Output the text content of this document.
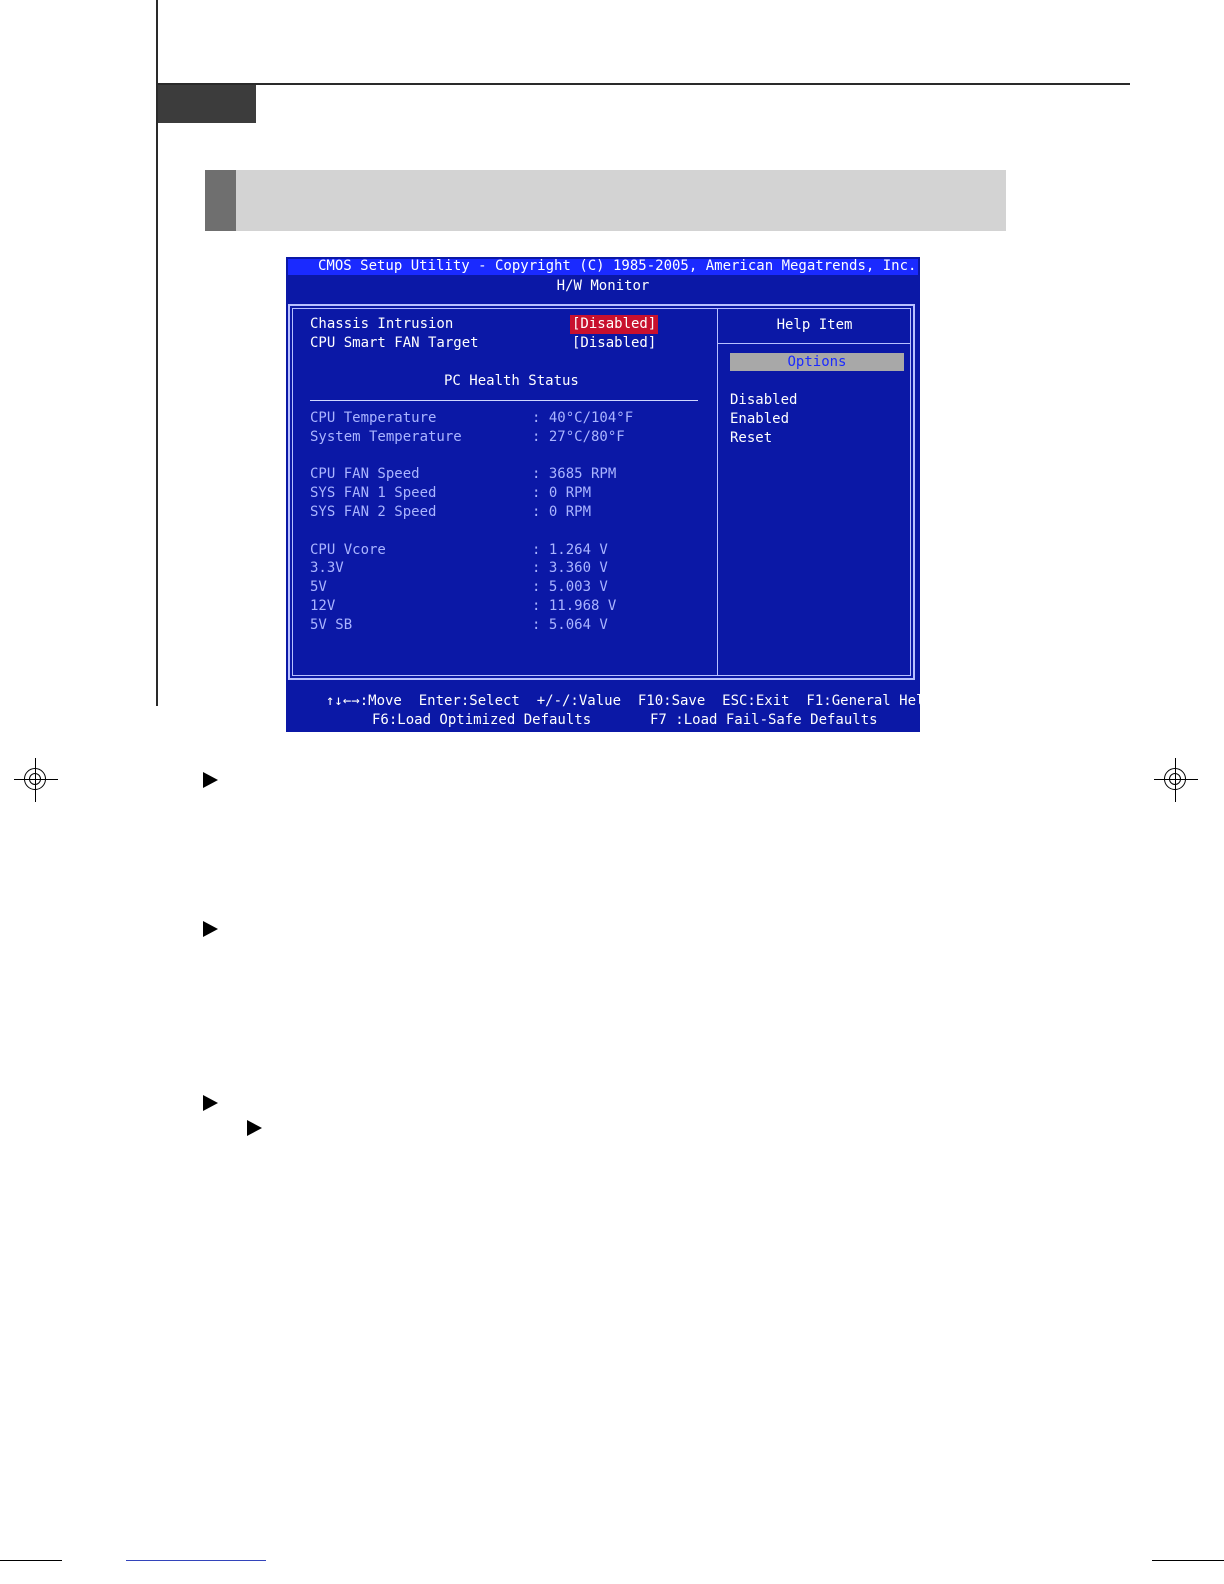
CMOS Setup Utility - Copyright (C) 1985-2005, American Megatrends, Inc.
H/W Monitor
Chassis Intrusion	[Disabled]
CPU Smart FAN Target	[Disabled]
PC Health Status
CPU Temperature	: 40°C/104°F
System Temperature	: 27°C/80°F
CPU FAN Speed	: 3685 RPM
SYS FAN 1 Speed	: 0 RPM
SYS FAN 2 Speed	: 0 RPM
CPU Vcore	: 1.264 V
3.3V	: 3.360 V
5V	: 5.003 V
12V	: 11.968 V
5V SB	: 5.064 V
Help Item
Options
Disabled
Enabled
Reset
↑↓←→:Move  Enter:Select  +/-/:Value  F10:Save  ESC:Exit  F1:General Help
F6:Load Optimized Defaults	F7 :Load Fail-Safe Defaults
